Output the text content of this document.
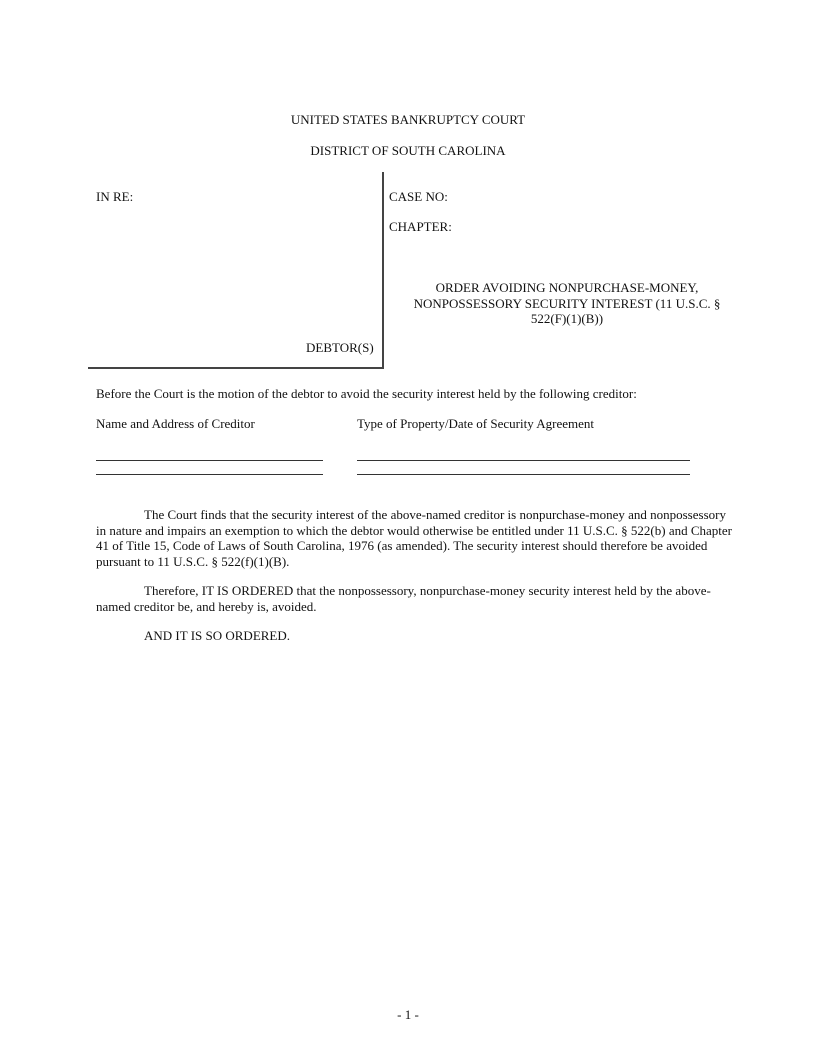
UNITED STATES BANKRUPTCY COURT
DISTRICT OF SOUTH CAROLINA
IN RE:
DEBTOR(S)
CASE NO:
CHAPTER:
ORDER AVOIDING NONPURCHASE-MONEY,
NONPOSSESSORY SECURITY INTEREST (11 U.S.C. §
522(F)(1)(B))
Before the Court is the motion of the debtor to avoid the security interest held by the following creditor:
Name and Address of Creditor	Type of Property/Date of Security Agreement
The Court finds that the security interest of the above-named creditor is nonpurchase-money and nonpossessory in nature and impairs an exemption to which the debtor would otherwise be entitled under 11 U.S.C. § 522(b) and Chapter 41 of Title 15, Code of Laws of South Carolina, 1976 (as amended). The security interest should therefore be avoided pursuant to 11 U.S.C. § 522(f)(1)(B).
Therefore, IT IS ORDERED that the nonpossessory, nonpurchase-money security interest held by the above-named creditor be, and hereby is, avoided.
AND IT IS SO ORDERED.
- 1 -
